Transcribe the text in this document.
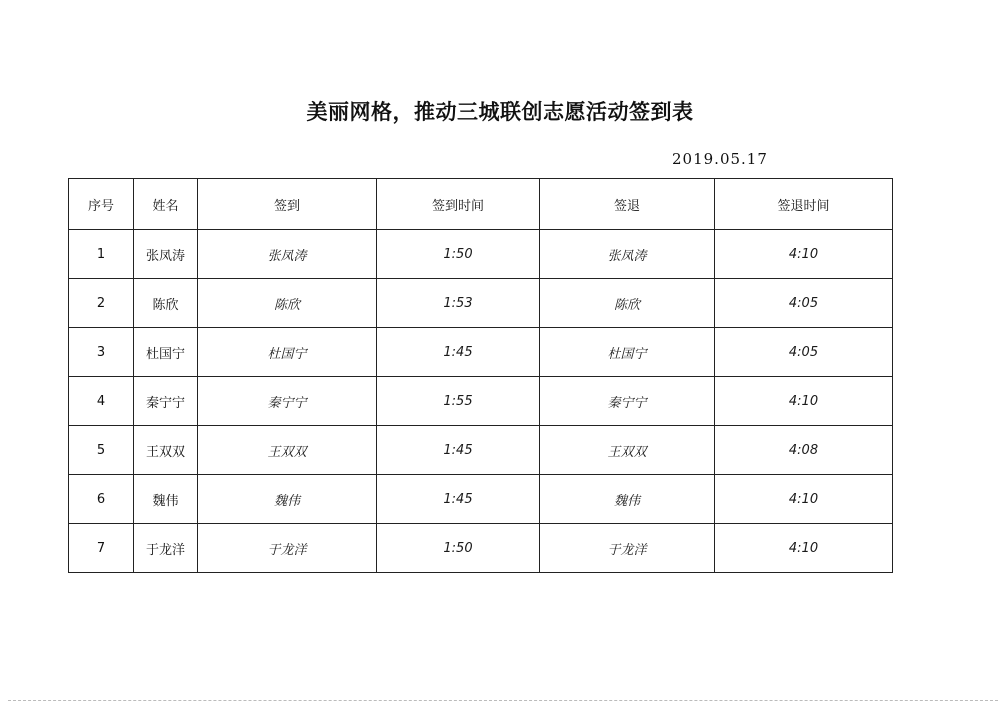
美丽网格，推动三城联创志愿活动签到表
2019.05.17
序号	姓名	签到	签到时间	签退	签退时间
1	张凤涛	张凤涛	1:50	张凤涛	4:10
2	陈欣	陈欣	1:53	陈欣	4:05
3	杜国宁	杜国宁	1:45	杜国宁	4:05
4	秦宁宁	秦宁宁	1:55	秦宁宁	4:10
5	王双双	王双双	1:45	王双双	4:08
6	魏伟	魏伟	1:45	魏伟	4:10
7	于龙洋	于龙洋	1:50	于龙洋	4:10
